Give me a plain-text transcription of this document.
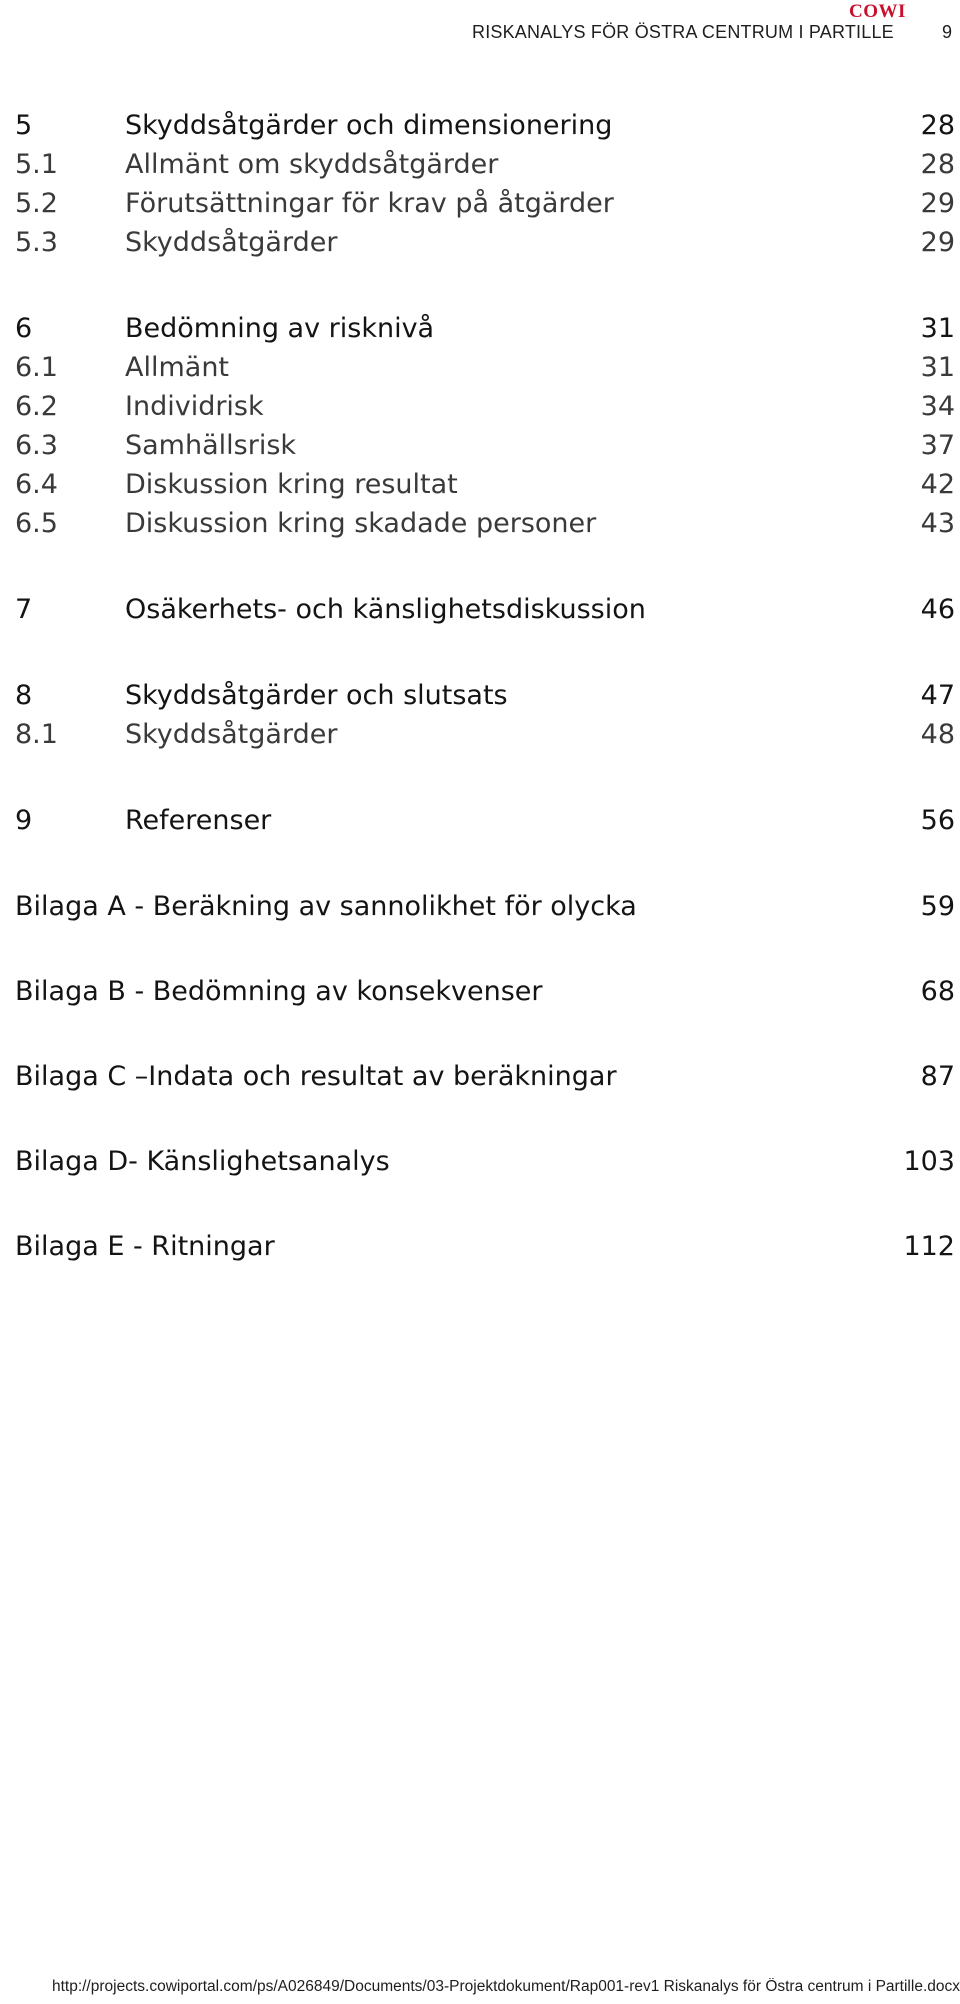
RISKANALYS FÖR ÖSTRA CENTRUM I PARTILLE
COWI
9
5	Skyddsåtgärder och dimensionering	28
5.1	Allmänt om skyddsåtgärder	28
5.2	Förutsättningar för krav på åtgärder	29
5.3	Skyddsåtgärder	29
6	Bedömning av risknivå	31
6.1	Allmänt	31
6.2	Individrisk	34
6.3	Samhällsrisk	37
6.4	Diskussion kring resultat	42
6.5	Diskussion kring skadade personer	43
7	Osäkerhets- och känslighetsdiskussion	46
8	Skyddsåtgärder och slutsats	47
8.1	Skyddsåtgärder	48
9	Referenser	56
Bilaga A - Beräkning av sannolikhet för olycka	59
Bilaga B - Bedömning av konsekvenser	68
Bilaga C –Indata och resultat av beräkningar	87
Bilaga D- Känslighetsanalys	103
Bilaga E - Ritningar	112
http://projects.cowiportal.com/ps/A026849/Documents/03-Projektdokument/Rap001-rev1 Riskanalys för Östra centrum i Partille.docx
